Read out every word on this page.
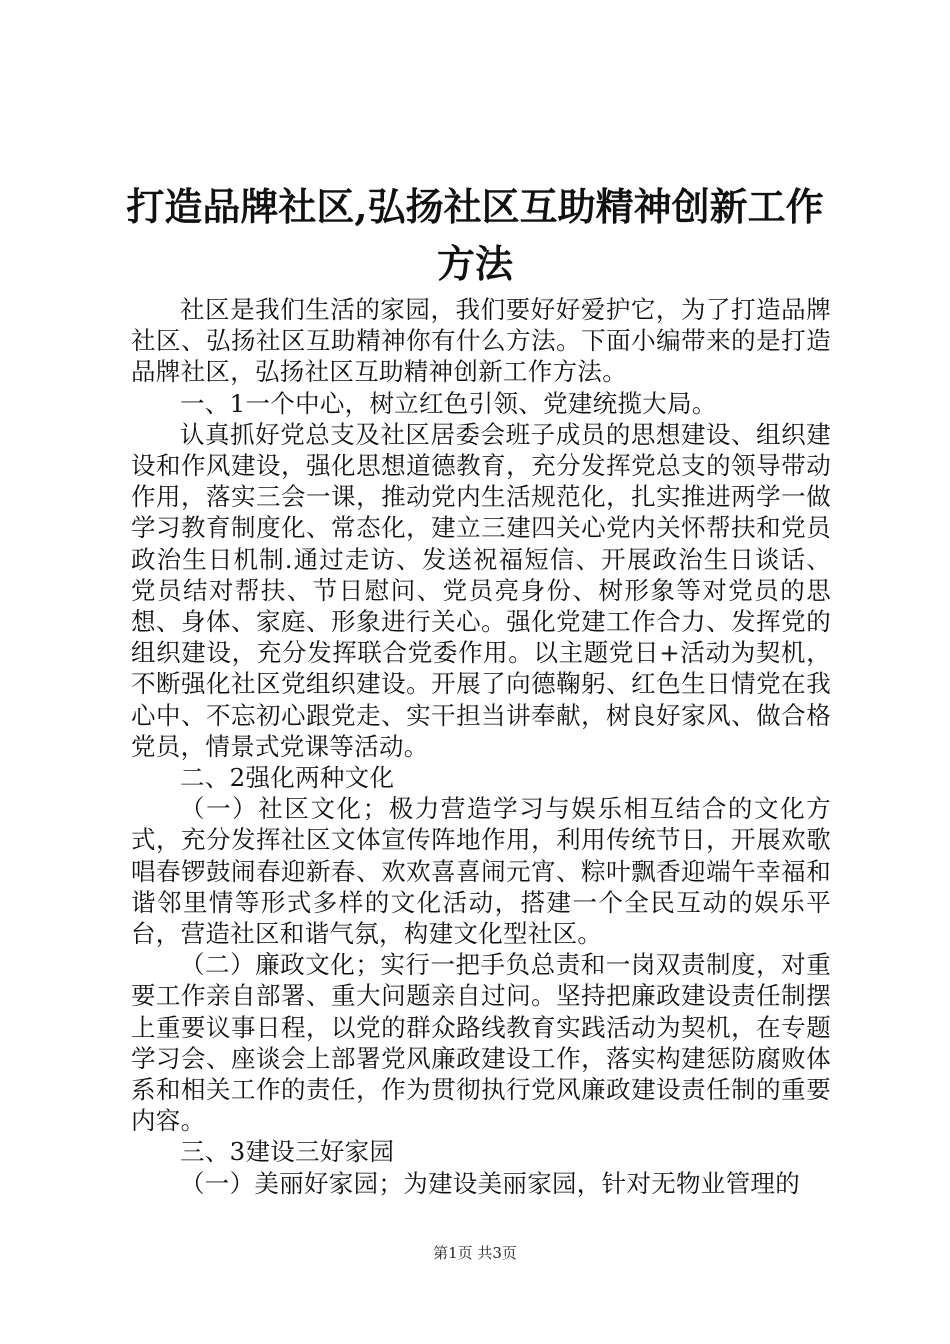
打造品牌社区,弘扬社区互助精神创新工作方法

社区是我们生活的家园，我们要好好爱护它，为了打造品牌社区、弘扬社区互助精神你有什么方法。下面小编带来的是打造品牌社区，弘扬社区互助精神创新工作方法。

一、1一个中心，树立红色引领、党建统揽大局。

认真抓好党总支及社区居委会班子成员的思想建设、组织建设和作风建设，强化思想道德教育，充分发挥党总支的领导带动作用，落实三会一课，推动党内生活规范化，扎实推进两学一做学习教育制度化、常态化，建立三建四关心党内关怀帮扶和党员政治生日机制.通过走访、发送祝福短信、开展政治生日谈话、党员结对帮扶、节日慰问、党员亮身份、树形象等对党员的思想、身体、家庭、形象进行关心。强化党建工作合力、发挥党的组织建设，充分发挥联合党委作用。以主题党日+活动为契机，不断强化社区党组织建设。开展了向德鞠躬、红色生日情党在我心中、不忘初心跟党走、实干担当讲奉献，树良好家风、做合格党员，情景式党课等活动。

二、2强化两种文化

（一）社区文化；极力营造学习与娱乐相互结合的文化方式，充分发挥社区文体宣传阵地作用，利用传统节日，开展欢歌唱春锣鼓闹春迎新春、欢欢喜喜闹元宵、粽叶飘香迎端午幸福和谐邻里情等形式多样的文化活动，搭建一个全民互动的娱乐平台，营造社区和谐气氛，构建文化型社区。

（二）廉政文化；实行一把手负总责和一岗双责制度，对重要工作亲自部署、重大问题亲自过问。坚持把廉政建设责任制摆上重要议事日程，以党的群众路线教育实践活动为契机，在专题学习会、座谈会上部署党风廉政建设工作，落实构建惩防腐败体系和相关工作的责任，作为贯彻执行党风廉政建设责任制的重要内容。

三、3建设三好家园

（一）美丽好家园；为建设美丽家园，针对无物业管理的

第1页 共3页
